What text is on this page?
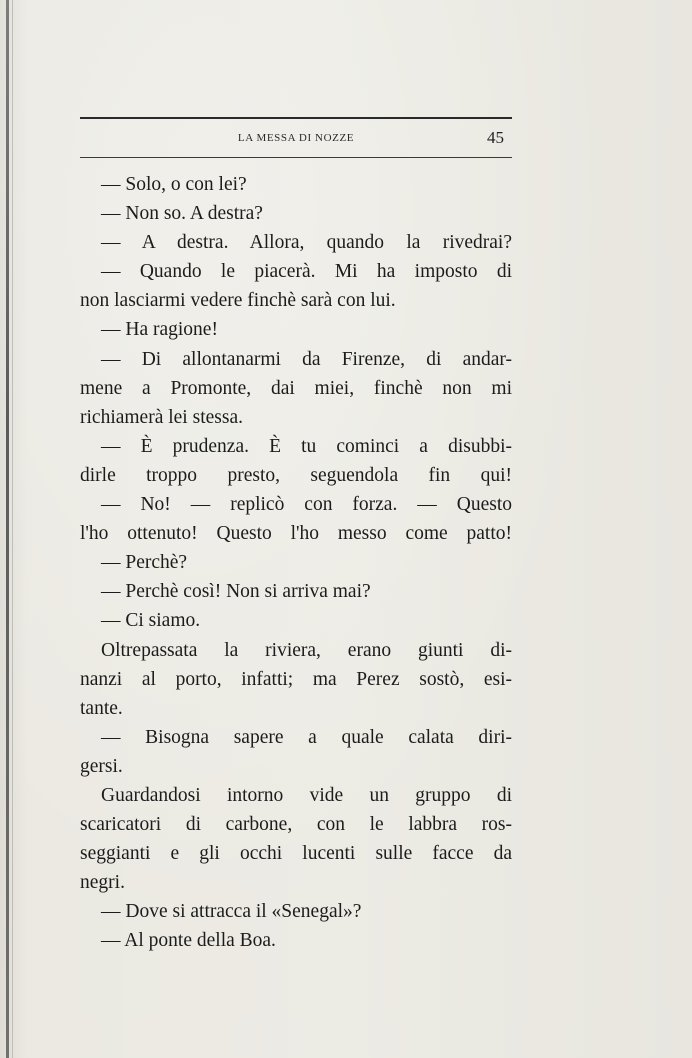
LA MESSA DI NOZZE	45
— Solo, o con lei?
— Non so. A destra?
— A destra. Allora, quando la rivedrai?
— Quando le piacerà. Mi ha imposto di
non lasciarmi vedere finchè sarà con lui.
— Ha ragione!
— Di allontanarmi da Firenze, di andar-
mene a Promonte, dai miei, finchè non mi
richiamerà lei stessa.
— È prudenza. È tu cominci a disubbi-
dirle troppo presto, seguendola fin qui!
— No! — replicò con forza. — Questo
l'ho ottenuto! Questo l'ho messo come patto!
— Perchè?
— Perchè così! Non si arriva mai?
— Ci siamo.
Oltrepassata la riviera, erano giunti di-
nanzi al porto, infatti; ma Perez sostò, esi-
tante.
— Bisogna sapere a quale calata diri-
gersi.
Guardandosi intorno vide un gruppo di
scaricatori di carbone, con le labbra ros-
seggianti e gli occhi lucenti sulle facce da
negri.
— Dove si attracca il «Senegal»?
— Al ponte della Boa.
